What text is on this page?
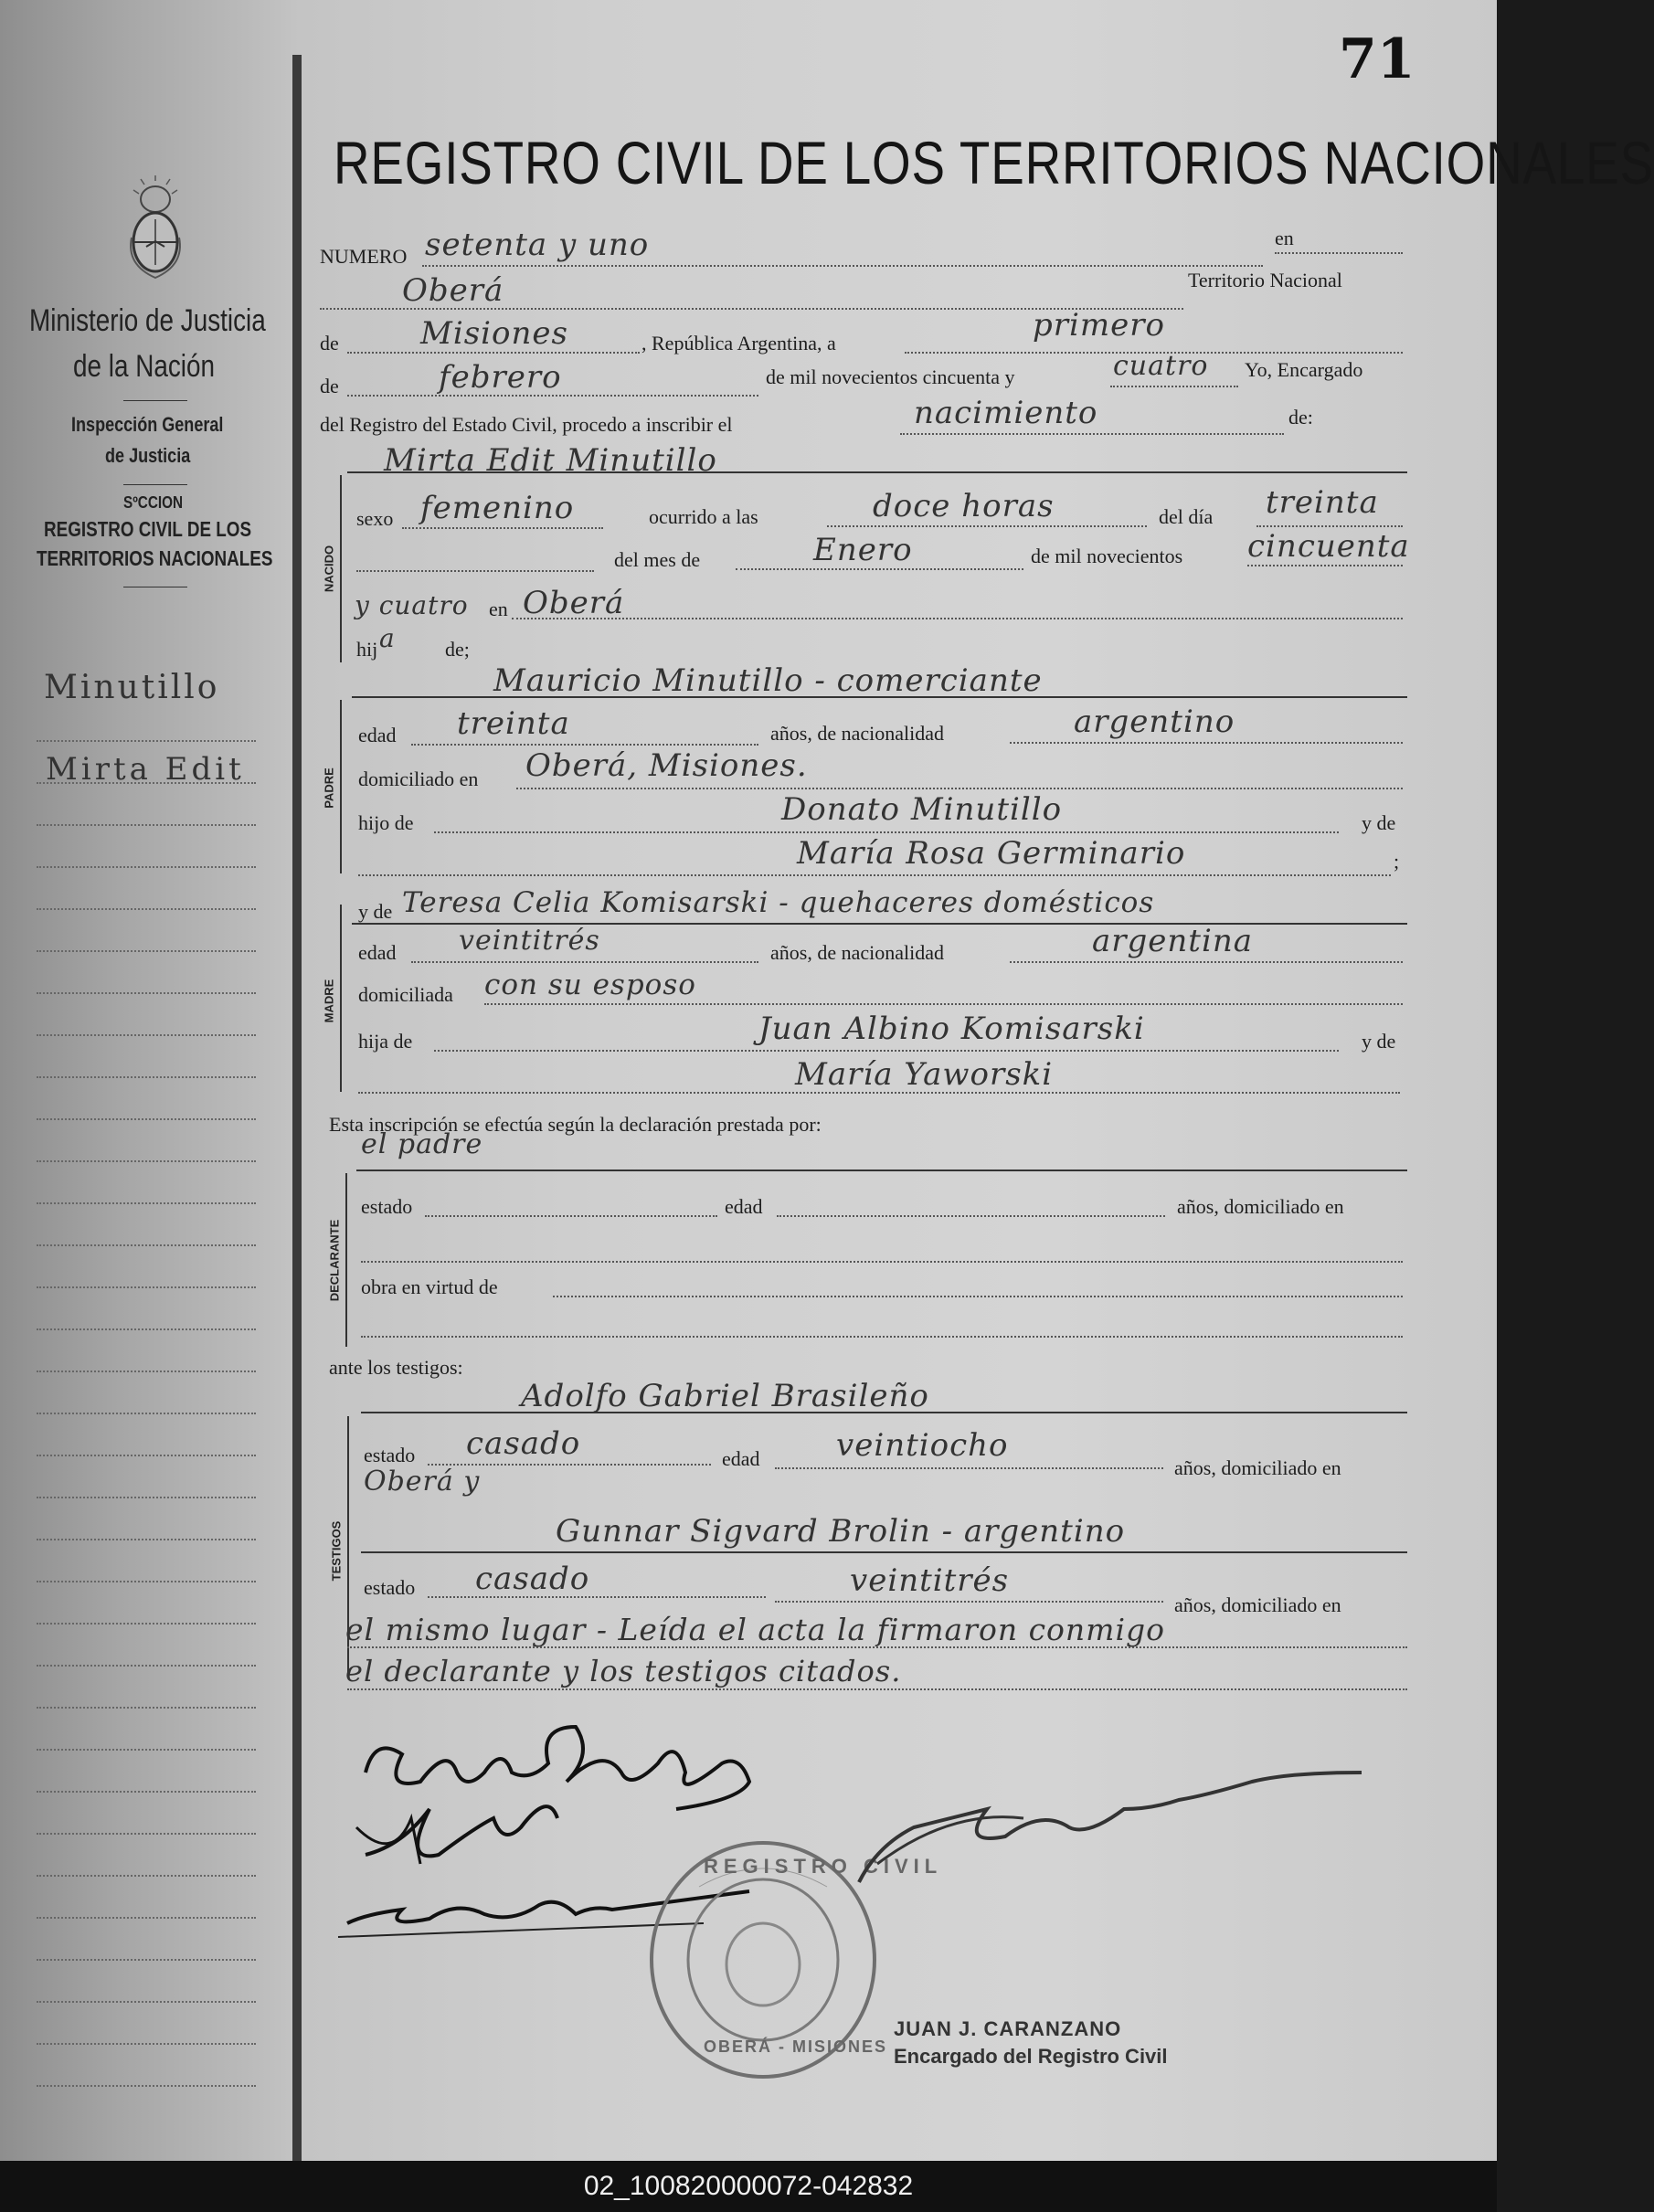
Ministerio de Justicia
de la Nación
Inspección General
de Justicia
SºCCION
REGISTRO CIVIL DE LOS
TERRITORIOS NACIONALES
Minutillo
Mirta Edit
71
REGISTRO CIVIL DE LOS TERRITORIOS NACIONALES
NUMERO setenta y uno	en
Oberá	Territorio Nacional
de	Misiones	, República Argentina, a	primero
de	febrero	de mil novecientos cincuenta y	cuatro Yo, Encargado
del Registro del Estado Civil, procedo a inscribir el	nacimiento	de:
Mirta Edit Minutillo
NACIDO
sexo femenino	ocurrido a las	doce horas	del día treinta
del mes de	Enero	de mil novecientos cincuenta
y cuatro en Oberá
hij a de;
Mauricio Minutillo - comerciante
PADRE
edad treinta	años, de nacionalidad	argentino
domiciliado en Oberá, Misiones.
hijo de	Donato Minutillo	y de
María Rosa Germinario	;
y de Teresa Celia Komisarski - quehaceres domésticos
MADRE
edad veintitrés	años, de nacionalidad	argentina
domiciliada con su esposo
hija de	Juan Albino Komisarski	y de
María Yaworski
Esta inscripción se efectúa según la declaración prestada por:
el padre
DECLARANTE
estado	edad	años, domiciliado en
obra en virtud de
ante los testigos:
Adolfo Gabriel Brasileño
TESTIGOS
estado casado	edad veintiocho
años, domiciliado en
Oberá y
Gunnar Sigvard Brolin - argentino
estado casado	veintitrés
años, domiciliado en
el mismo lugar - Leída el acta la firmaron conmigo
el declarante y los testigos citados.
REGISTRO CIVIL
OBERÁ - MISIONES
JUAN J. CARANZANO
Encargado del Registro Civil
02_100820000072-042832
